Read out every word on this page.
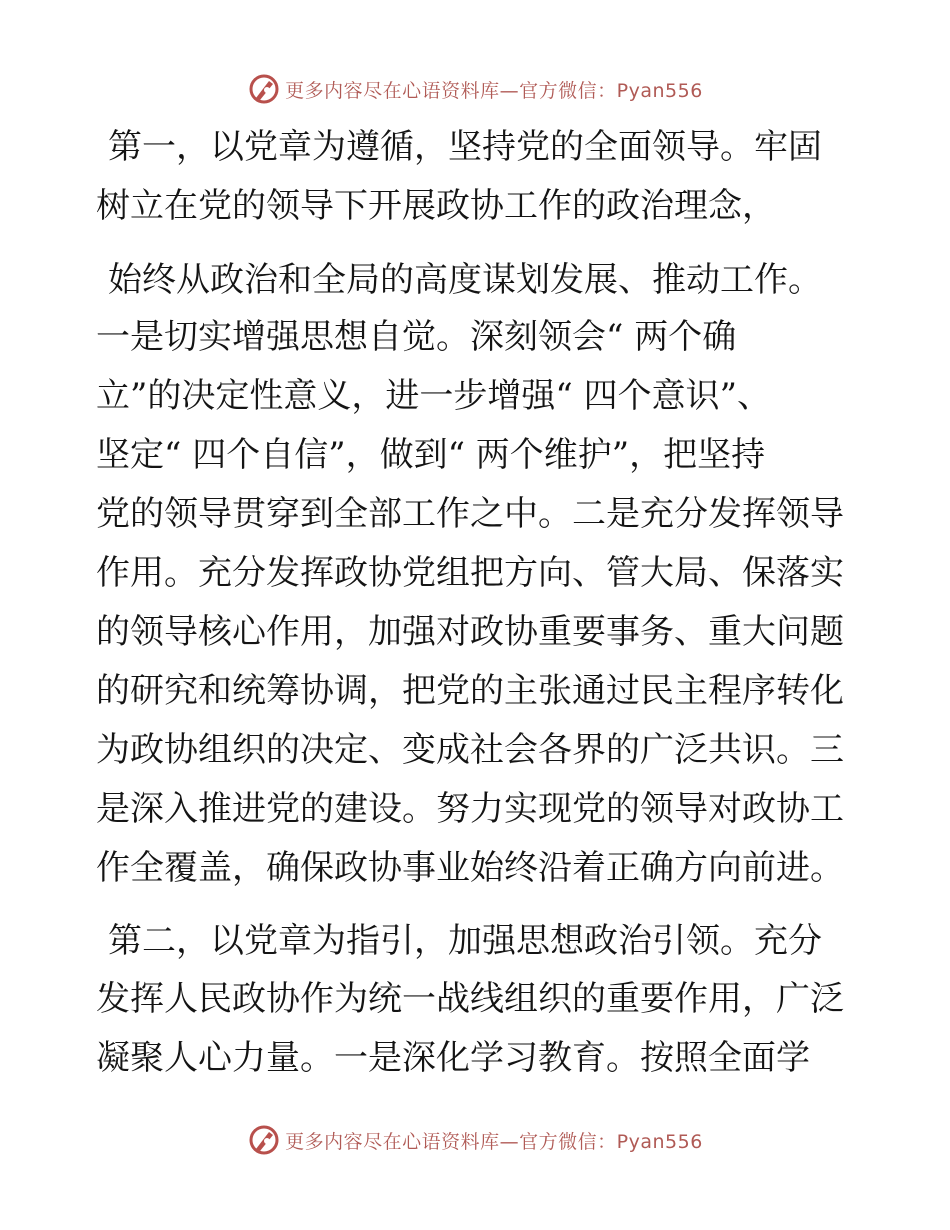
更多内容尽在心语资料库—官方微信：Pyan556

第一，以党章为遵循，坚持党的全面领导。牢固

树立在党的领导下开展政协工作的政治理念，

始终从政治和全局的高度谋划发展、推动工作。

一是切实增强思想自觉。深刻领会“ 两个确

立”的决定性意义，进一步增强“ 四个意识”、

坚定“ 四个自信”，做到“ 两个维护”，把坚持

党的领导贯穿到全部工作之中。二是充分发挥领导

作用。充分发挥政协党组把方向、管大局、保落实

的领导核心作用，加强对政协重要事务、重大问题

的研究和统筹协调，把党的主张通过民主程序转化

为政协组织的决定、变成社会各界的广泛共识。三

是深入推进党的建设。努力实现党的领导对政协工

作全覆盖，确保政协事业始终沿着正确方向前进。

第二，以党章为指引，加强思想政治引领。充分

发挥人民政协作为统一战线组织的重要作用，广泛

凝聚人心力量。一是深化学习教育。按照全面学

更多内容尽在心语资料库—官方微信：Pyan556
